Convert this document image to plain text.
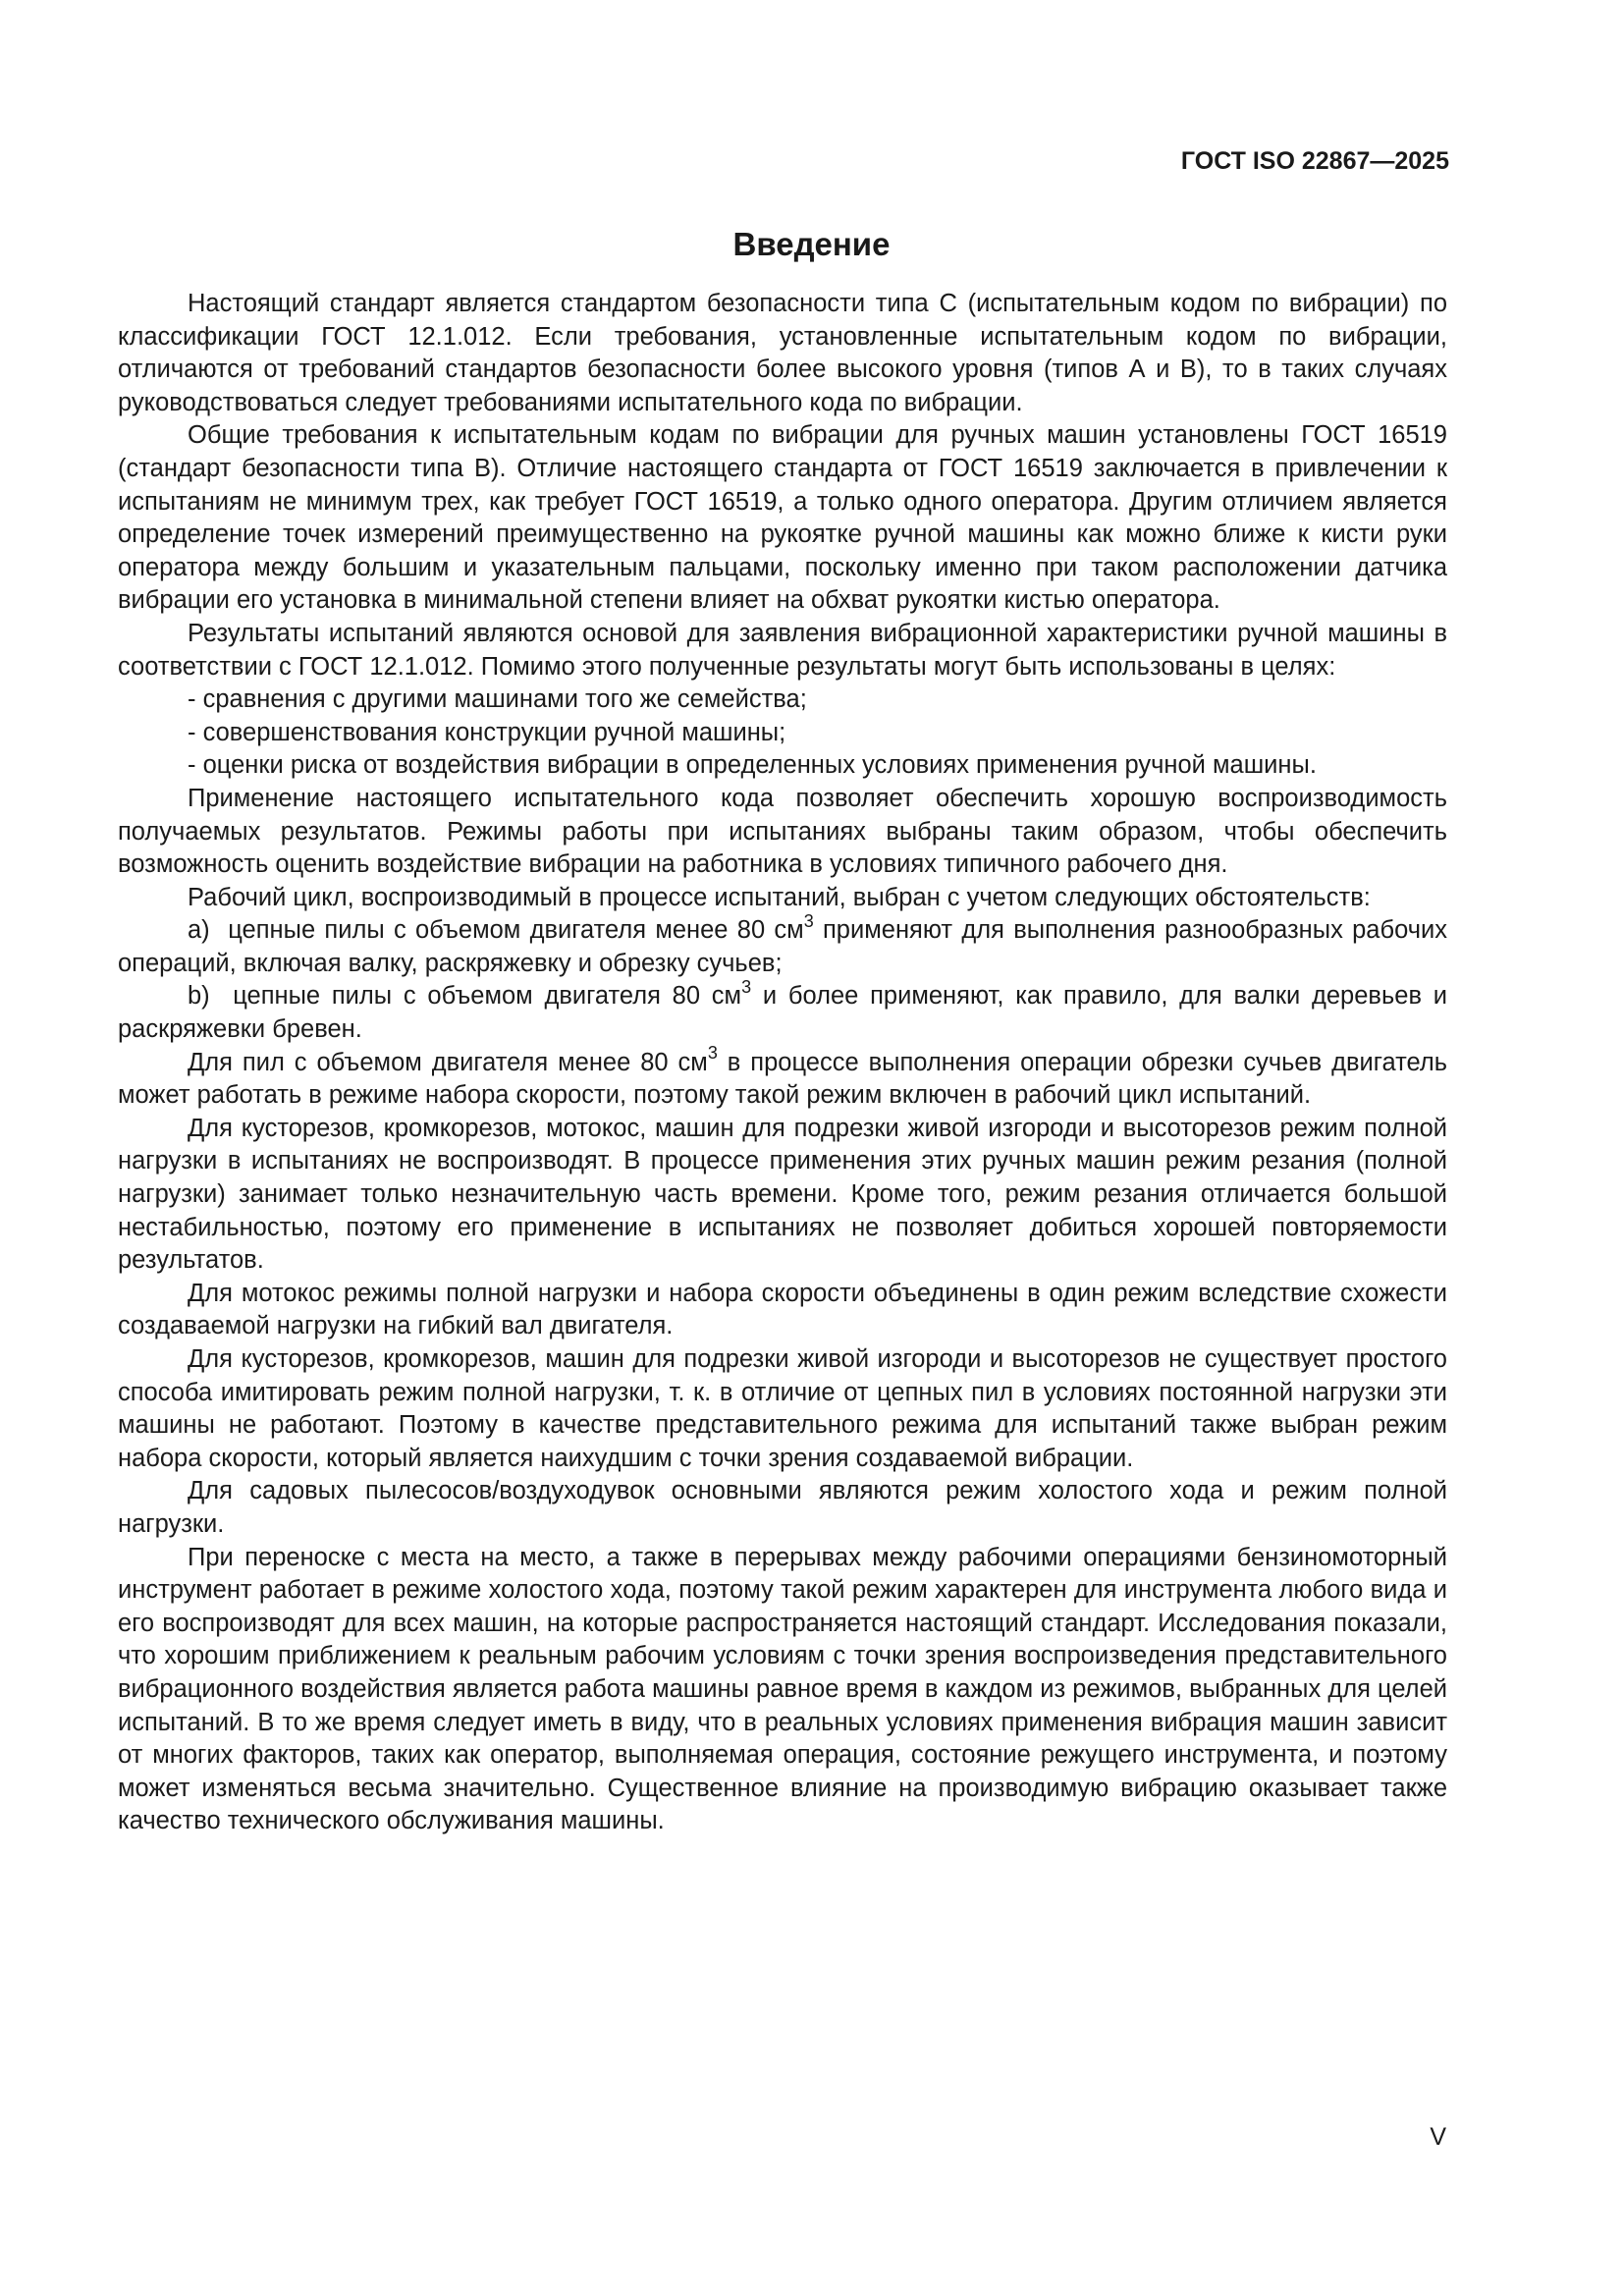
ГОСТ ISO 22867—2025
Введение

Настоящий стандарт является стандартом безопасности типа С (испытательным кодом по вибрации) по классификации ГОСТ 12.1.012. Если требования, установленные испытательным кодом по вибрации, отличаются от требований стандартов безопасности более высокого уровня (типов А и В), то в таких случаях руководствоваться следует требованиями испытательного кода по вибрации.

Общие требования к испытательным кодам по вибрации для ручных машин установлены ГОСТ 16519 (стандарт безопасности типа В). Отличие настоящего стандарта от ГОСТ 16519 заключается в привлечении к испытаниям не минимум трех, как требует ГОСТ 16519, а только одного оператора. Другим отличием является определение точек измерений преимущественно на рукоятке ручной машины как можно ближе к кисти руки оператора между большим и указательным пальцами, поскольку именно при таком расположении датчика вибрации его установка в минимальной степени влияет на обхват рукоятки кистью оператора.

Результаты испытаний являются основой для заявления вибрационной характеристики ручной машины в соответствии с ГОСТ 12.1.012. Помимо этого полученные результаты могут быть использованы в целях:

- сравнения с другими машинами того же семейства;
- совершенствования конструкции ручной машины;
- оценки риска от воздействия вибрации в определенных условиях применения ручной машины.

Применение настоящего испытательного кода позволяет обеспечить хорошую воспроизводимость получаемых результатов. Режимы работы при испытаниях выбраны таким образом, чтобы обеспечить возможность оценить воздействие вибрации на работника в условиях типичного рабочего дня.

Рабочий цикл, воспроизводимый в процессе испытаний, выбран с учетом следующих обстоятельств:

a)  цепные пилы с объемом двигателя менее 80 $см^3$ применяют для выполнения разнообразных рабочих операций, включая валку, раскряжевку и обрезку сучьев;

b)  цепные пилы с объемом двигателя 80 $см^3$ и более применяют, как правило, для валки деревьев и раскряжевки бревен.

Для пил с объемом двигателя менее 80 $см^3$ в процессе выполнения операции обрезки сучьев двигатель может работать в режиме набора скорости, поэтому такой режим включен в рабочий цикл испытаний.

Для кусторезов, кромкорезов, мотокос, машин для подрезки живой изгороди и высоторезов режим полной нагрузки в испытаниях не воспроизводят. В процессе применения этих ручных машин режим резания (полной нагрузки) занимает только незначительную часть времени. Кроме того, режим резания отличается большой нестабильностью, поэтому его применение в испытаниях не позволяет добиться хорошей повторяемости результатов.

Для мотокос режимы полной нагрузки и набора скорости объединены в один режим вследствие схожести создаваемой нагрузки на гибкий вал двигателя.

Для кусторезов, кромкорезов, машин для подрезки живой изгороди и высоторезов не существует простого способа имитировать режим полной нагрузки, т. к. в отличие от цепных пил в условиях постоянной нагрузки эти машины не работают. Поэтому в качестве представительного режима для испытаний также выбран режим набора скорости, который является наихудшим с точки зрения создаваемой вибрации.

Для садовых пылесосов/воздуходувок основными являются режим холостого хода и режим полной нагрузки.

При переноске с места на место, а также в перерывах между рабочими операциями бензиномоторный инструмент работает в режиме холостого хода, поэтому такой режим характерен для инструмента любого вида и его воспроизводят для всех машин, на которые распространяется настоящий стандарт. Исследования показали, что хорошим приближением к реальным рабочим условиям с точки зрения воспроизведения представительного вибрационного воздействия является работа машины равное время в каждом из режимов, выбранных для целей испытаний. В то же время следует иметь в виду, что в реальных условиях применения вибрация машин зависит от многих факторов, таких как оператор, выполняемая операция, состояние режущего инструмента, и поэтому может изменяться весьма значительно. Существенное влияние на производимую вибрацию оказывает также качество технического обслуживания машины.

V
